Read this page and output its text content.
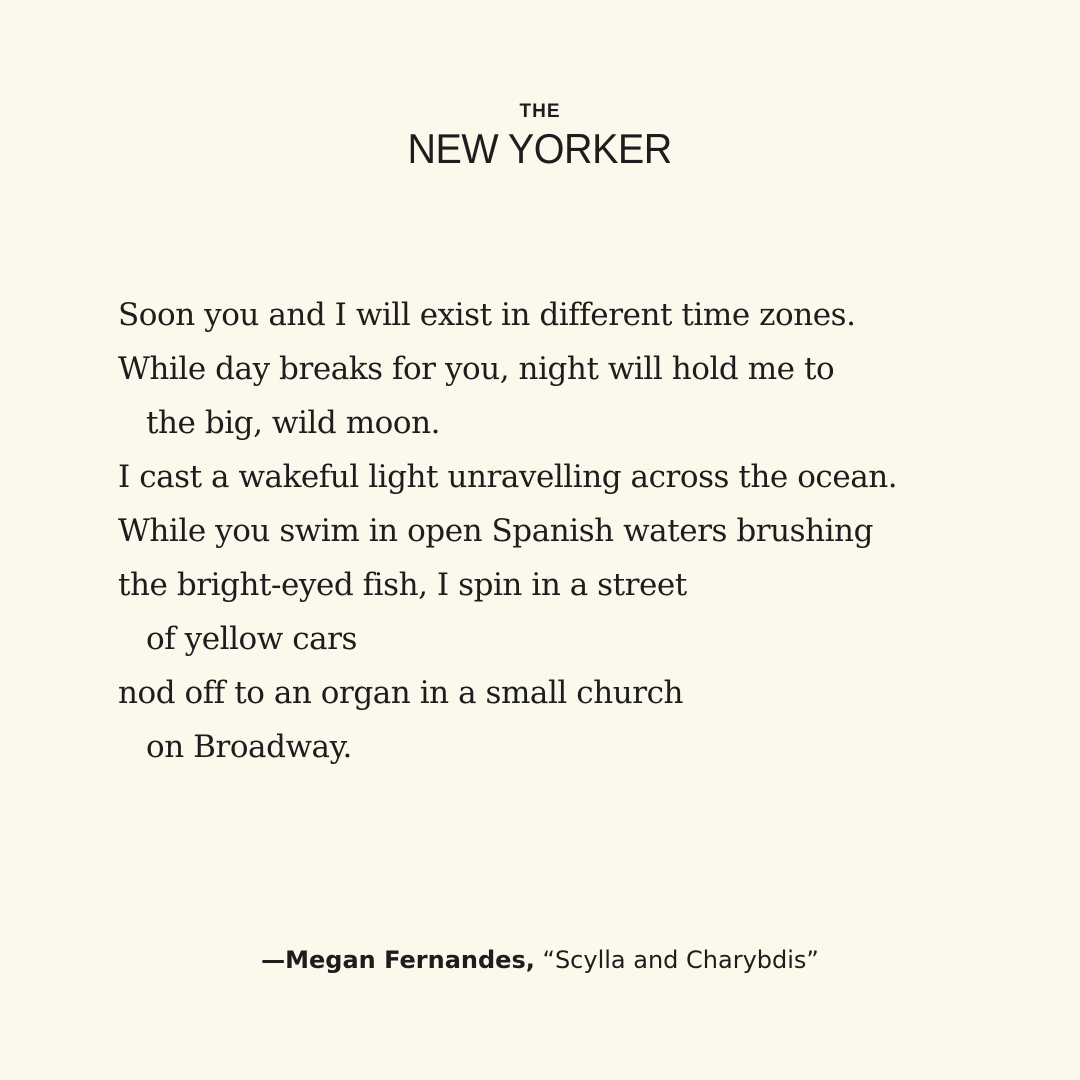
THE
NEW YORKER
Soon you and I will exist in different time zones.
While day breaks for you, night will hold me to
the big, wild moon.
I cast a wakeful light unravelling across the ocean.
While you swim in open Spanish waters brushing
the bright-eyed fish, I spin in a street
of yellow cars
nod off to an organ in a small church
on Broadway.
—Megan Fernandes, “Scylla and Charybdis”
